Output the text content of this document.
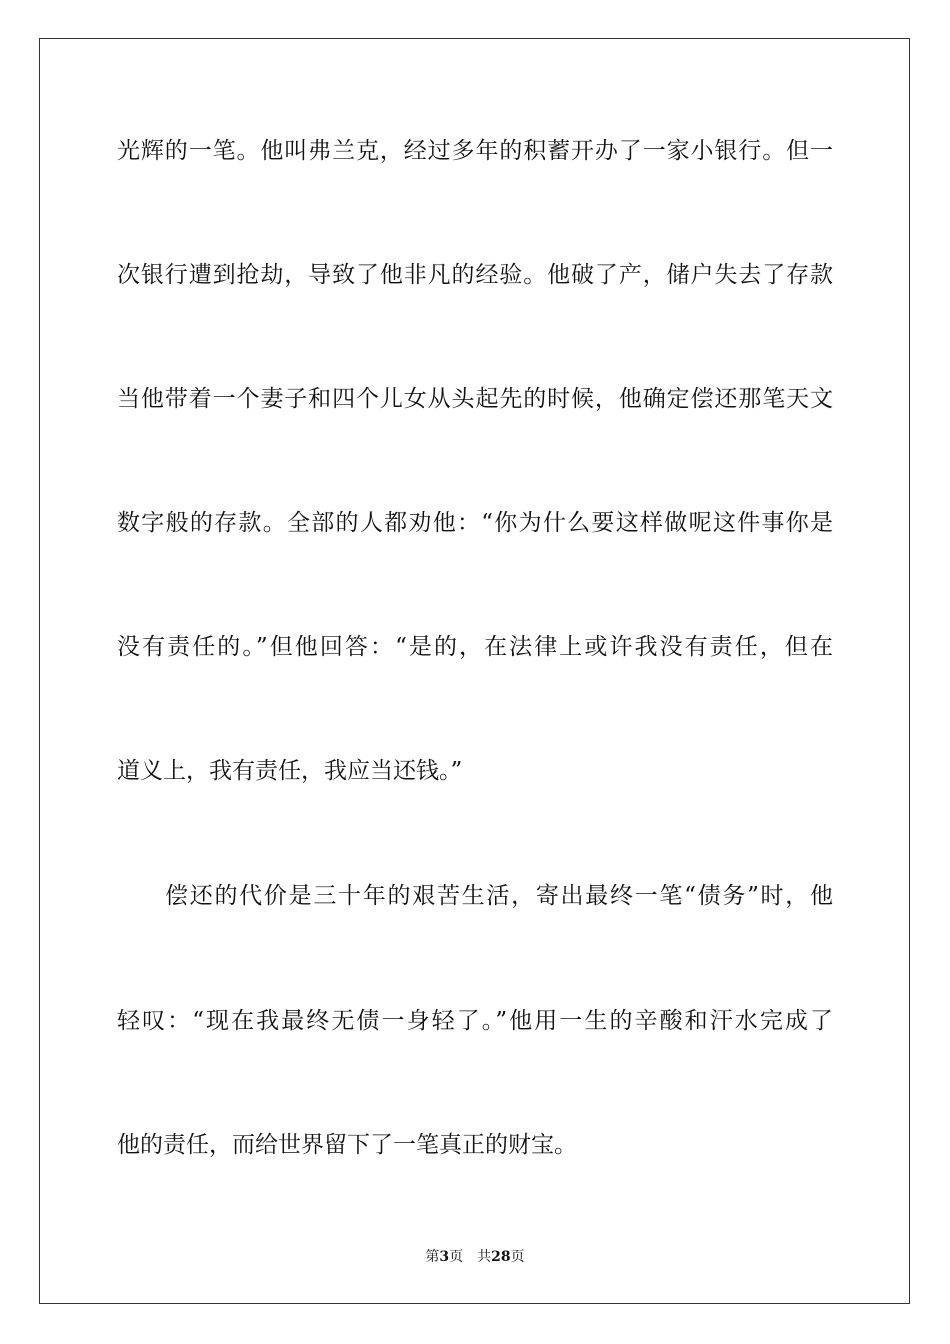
光辉的一笔。他叫弗兰克，经过多年的积蓄开办了一家小银行。但一
次银行遭到抢劫，导致了他非凡的经验。他破了产，储户失去了存款
当他带着一个妻子和四个儿女从头起先的时候，他确定偿还那笔天文
数字般的存款。全部的人都劝他：“你为什么要这样做呢这件事你是
没有责任的。”但他回答：“是的，在法律上或许我没有责任，但在
道义上，我有责任，我应当还钱。”
偿还的代价是三十年的艰苦生活，寄出最终一笔“债务”时，他
轻叹：“现在我最终无债一身轻了。”他用一生的辛酸和汗水完成了
他的责任，而给世界留下了一笔真正的财宝。
第3页 共28页
